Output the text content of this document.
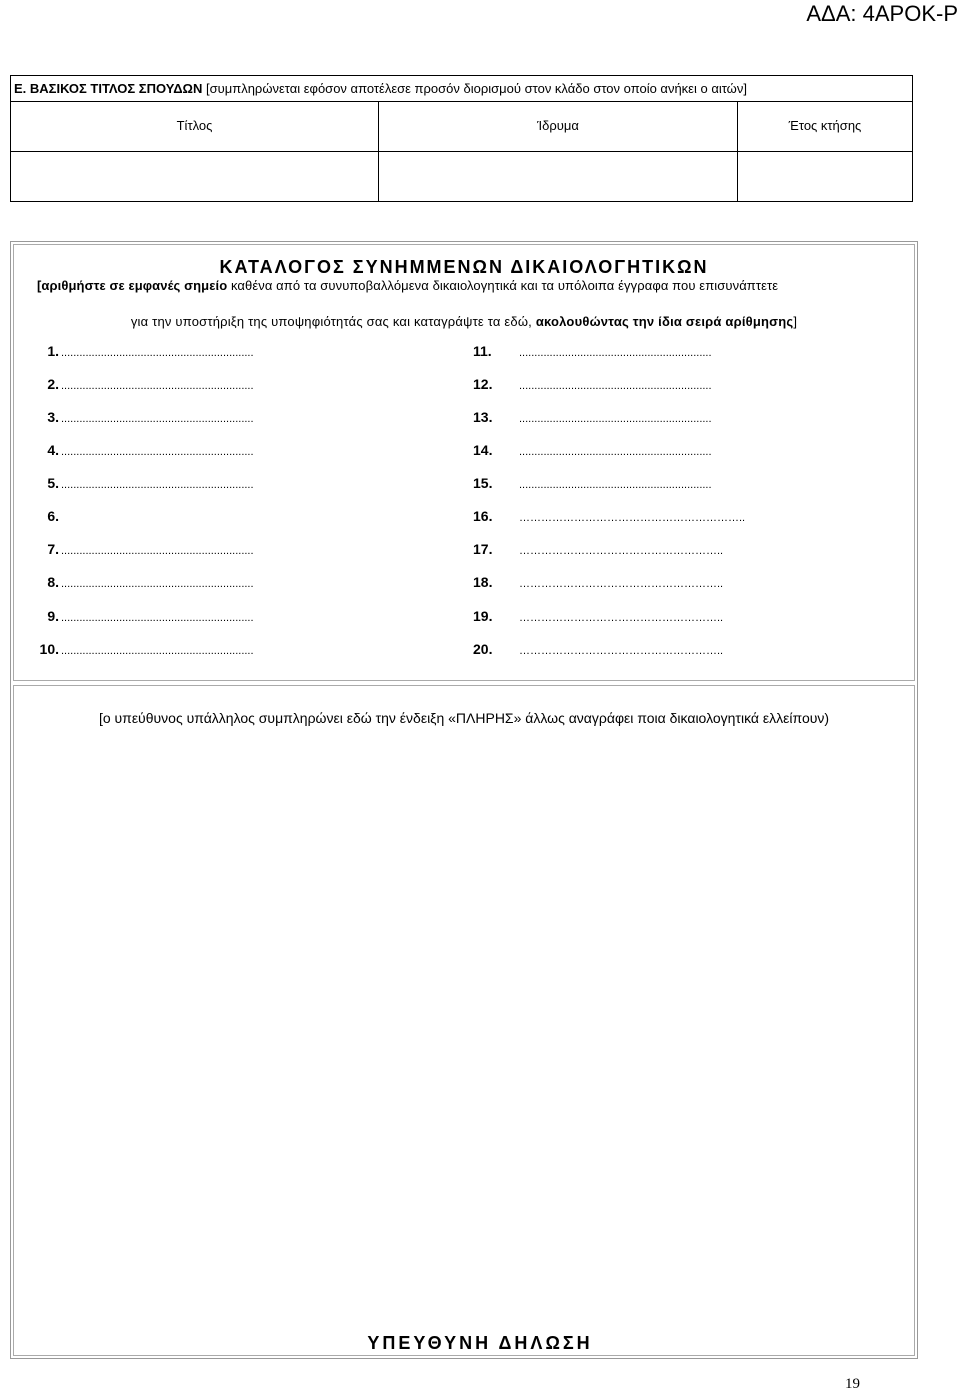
ΑΔΑ: 4ΑΡΟΚ-Ρ
Ε. ΒΑΣΙΚΟΣ ΤΙΤΛΟΣ ΣΠΟΥΔΩΝ [συμπληρώνεται εφόσον αποτέλεσε προσόν διορισμού στον κλάδο στον οποίο ανήκει ο αιτών]
Τίτλος	Ίδρυμα	Έτος κτήσης
ΚΑΤΑΛΟΓΟΣ ΣΥΝΗΜΜΕΝΩΝ ΔΙΚΑΙΟΛΟΓΗΤΙΚΩΝ
[αριθμήστε σε εμφανές σημείο καθένα από τα συνυποβαλλόμενα δικαιολογητικά και τα υπόλοιπα έγγραφα που επισυνάπτετε
για την υποστήριξη της υποψηφιότητάς σας και καταγράψτε τα εδώ, ακολουθώντας την ίδια σειρά αρίθμησης]
1. ...............................................................
2. ...............................................................
3. ...............................................................
4. ...............................................................
5. ...............................................................
6.
7. ...............................................................
8. ...............................................................
9. ...............................................................
10. ...............................................................
11.	...............................................................
12.	...............................................................
13.	...............................................................
14.	...............................................................
15.	...............................................................
16.	……………………………………………………..
17.	………………………………………………..
18.	………………………………………………..
19.	………………………………………………..
20.	………………………………………………..
[ο υπεύθυνος υπάλληλος συμπληρώνει εδώ την ένδειξη «ΠΛΗΡΗΣ» άλλως αναγράφει ποια δικαιολογητικά ελλείπουν)
ΥΠΕΥΘΥΝΗ ΔΗΛΩΣΗ
19
